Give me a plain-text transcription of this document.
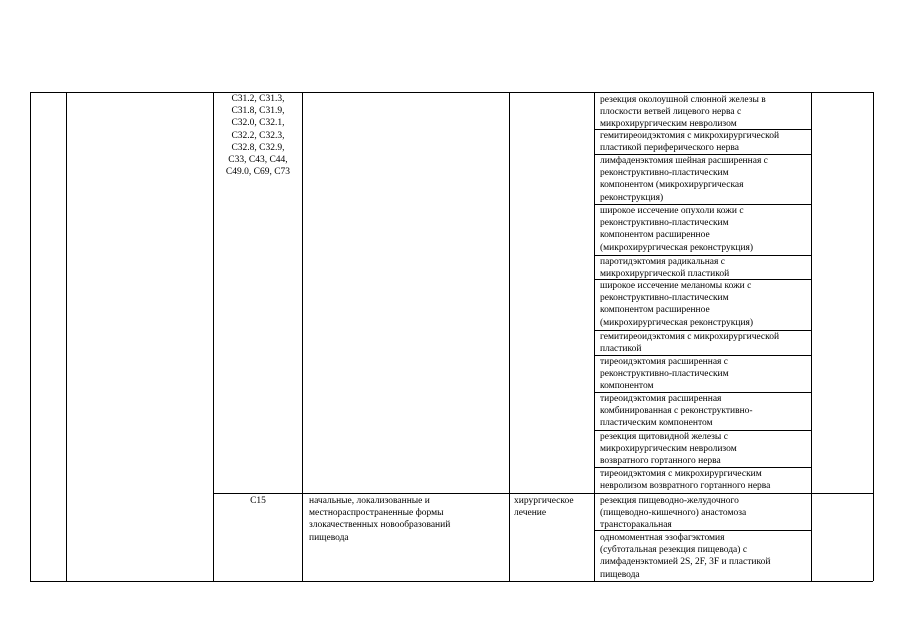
C31.2, C31.3,
C31.8, C31.9,
C32.0, C32.1,
C32.2, C32.3,
C32.8, C32.9,
C33, C43, C44,
C49.0, C69, C73

резекция околоушной слюнной железы в
плоскости ветвей лицевого нерва с
микрохирургическим невролизом

гемитиреоидэктомия с микрохирургической
пластикой периферического нерва

лимфаденэктомия шейная расширенная с
реконструктивно-пластическим
компонентом (микрохирургическая
реконструкция)

широкое иссечение опухоли кожи с
реконструктивно-пластическим
компонентом расширенное
(микрохирургическая реконструкция)

паротидэктомия радикальная с
микрохирургической пластикой

широкое иссечение меланомы кожи с
реконструктивно-пластическим
компонентом расширенное
(микрохирургическая реконструкция)

гемитиреоидэктомия с микрохирургической
пластикой

тиреоидэктомия расширенная с
реконструктивно-пластическим
компонентом

тиреоидэктомия расширенная
комбинированная с реконструктивно-
пластическим компонентом

резекция щитовидной железы с
микрохирургическим невролизом
возвратного гортанного нерва

тиреоидэктомия с микрохирургическим
невролизом возвратного гортанного нерва

C15	начальные, локализованные и
местнораспространенные формы
злокачественных новообразований
пищевода

хирургическое
лечение

резекция пищеводно-желудочного
(пищеводно-кишечного) анастомоза
трансторакальная

одномоментная эзофагэктомия
(субтотальная резекция пищевода) с
лимфаденэктомией 2S, 2F, 3F и пластикой
пищевода
